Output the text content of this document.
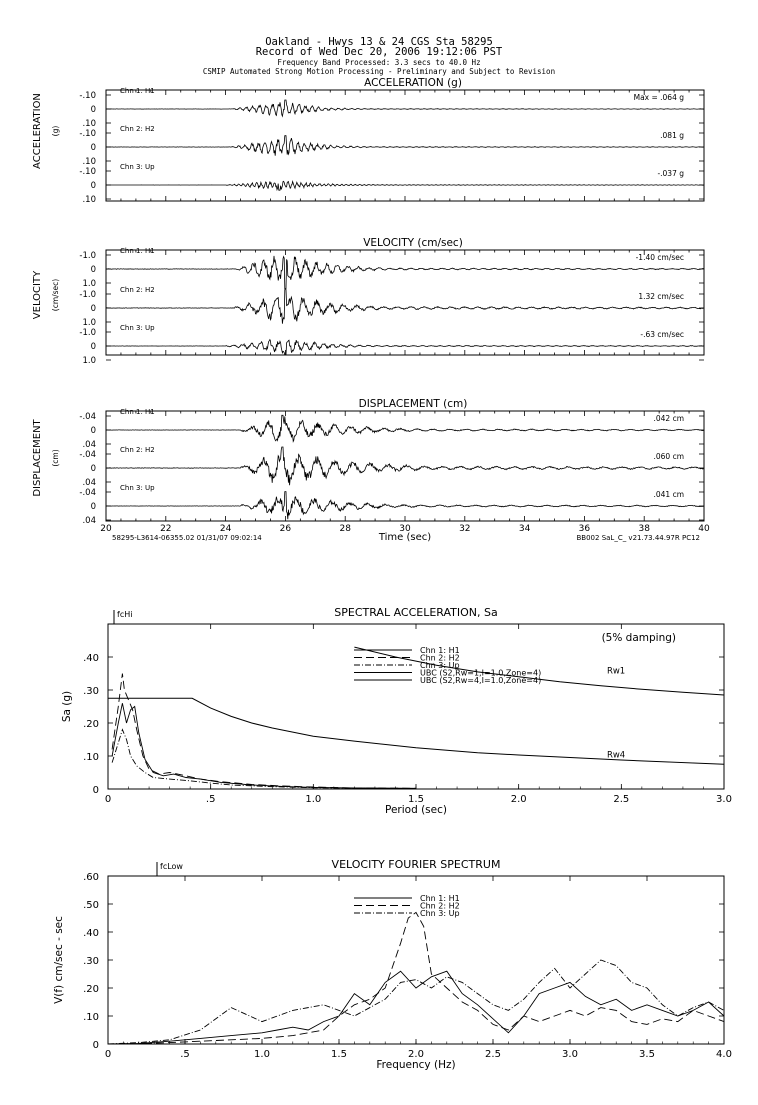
Oakland - Hwys 13 & 24 CGS Sta 58295
Record of Wed Dec 20, 2006 19:12:06 PST
Frequency Band Processed: 3.3 secs to 40.0 Hz
CSMIP Automated Strong Motion Processing - Preliminary and Subject to Revision
ACCELERATION (g)
ACCELERATION (g)
-.10
0
.10
Chn 1: H1
Max = .064 g
-.10
0
.10
Chn 2: H2
.081 g
-.10
0
.10
Chn 3: Up
-.037 g
VELOCITY (cm/sec)
VELOCITY (cm/sec)
-1.0
0
1.0
Chn 1: H1
-1.40 cm/sec
-1.0
0
1.0
Chn 2: H2
1.32 cm/sec
-1.0
0
1.0
Chn 3: Up
-.63 cm/sec
DISPLACEMENT (cm)
DISPLACEMENT (cm)
-.04
0
.04
Chn 1: H1
.042 cm
-.04
0
.04
Chn 2: H2
.060 cm
-.04
0
.04
Chn 3: Up
.041 cm
20	22	24	26	28	30	32	34	36	38	40
Time (sec)
58295-L3614-06355.02 01/31/07 09:02:14	BB002 SaL_C_ v21.73.44.97R PC12
SPECTRAL ACCELERATION, Sa
0	.5	1.0	1.5	2.0	2.5	3.0
0
.10
.20
.30
.40
Period (sec)
Sa (g)
fcHi
Chn 1: H1
Chn 2: H2
Chn 3: Up
UBC (S2,Rw=1,I=1.0,Zone=4)
UBC (S2,Rw=4,I=1.0,Zone=4)
(5% damping)
Rw1
Rw4
VELOCITY FOURIER SPECTRUM
0	.5	1.0	1.5	2.0	2.5	3.0	3.5	4.0
0
.10
.20
.30
.40
.50
.60
Frequency (Hz)
V(f) cm/sec - sec
fcLow
Chn 1: H1
Chn 2: H2
Chn 3: Up
